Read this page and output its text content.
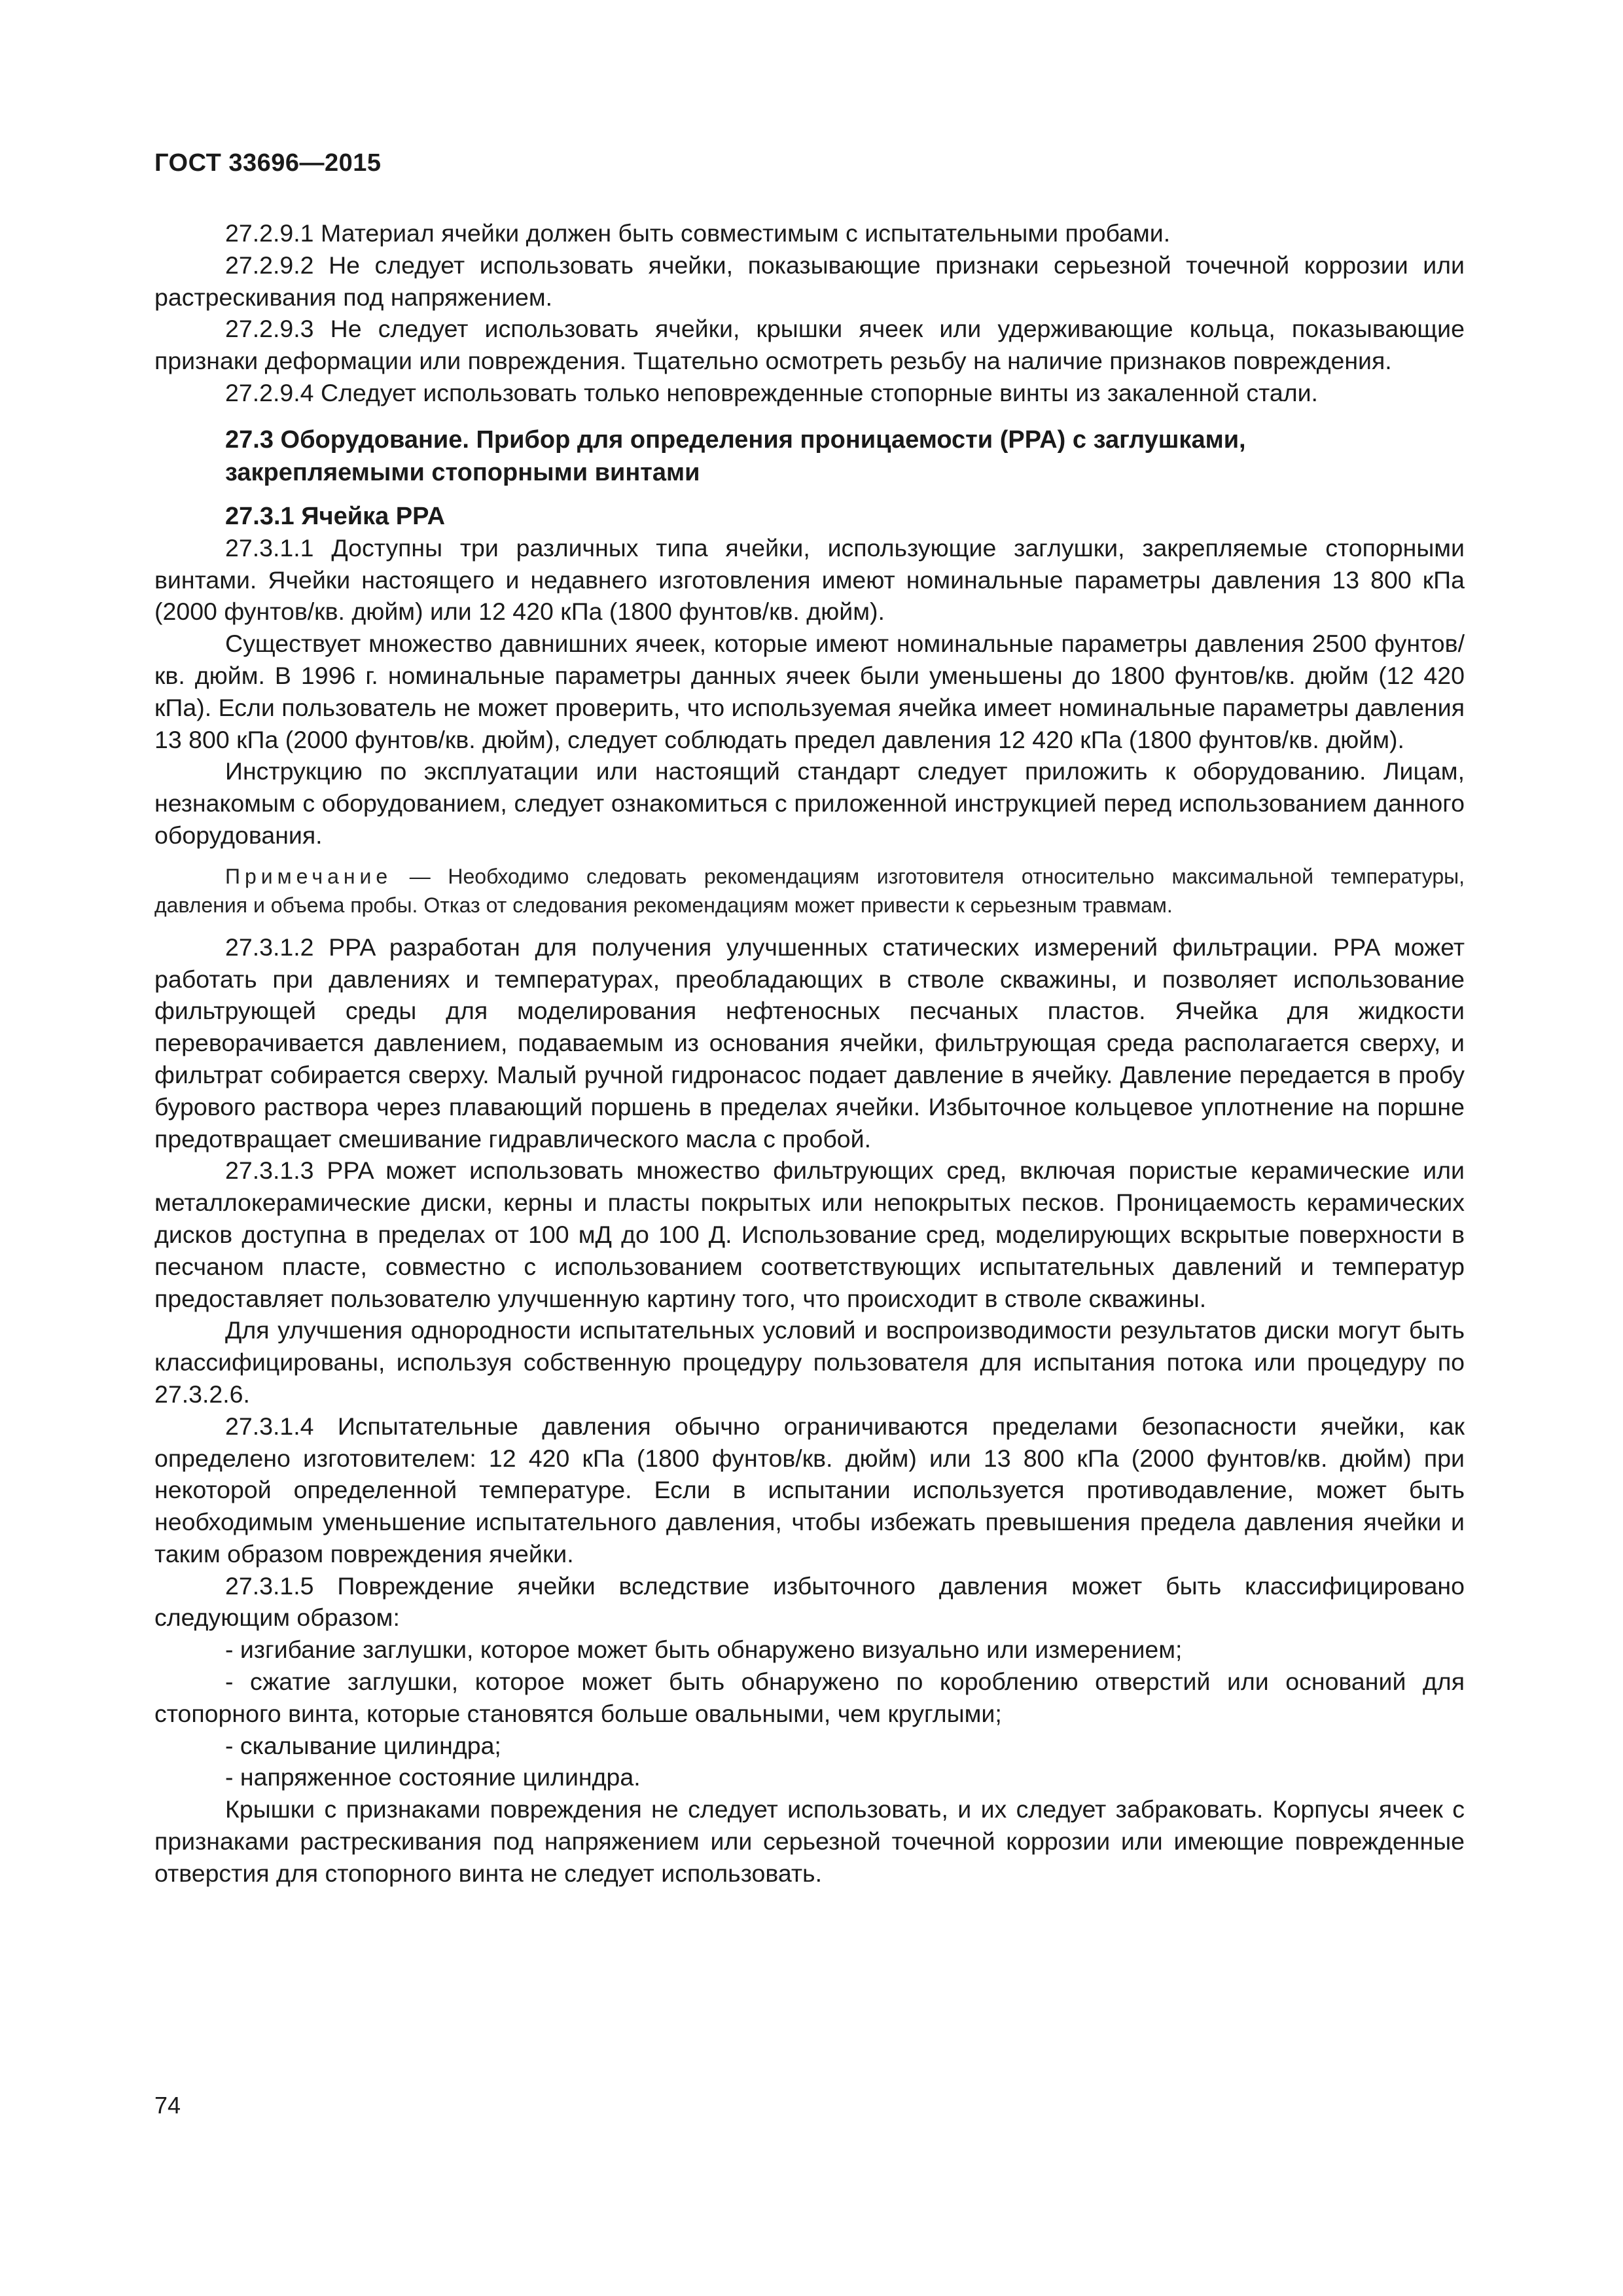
ГОСТ 33696—2015

27.2.9.1 Материал ячейки должен быть совместимым с испытательными пробами.

27.2.9.2 Не следует использовать ячейки, показывающие признаки серьезной точечной коррозии или растрескивания под напряжением.

27.2.9.3 Не следует использовать ячейки, крышки ячеек или удерживающие кольца, показывающие признаки деформации или повреждения. Тщательно осмотреть резьбу на наличие признаков повреждения.

27.2.9.4 Следует использовать только неповрежденные стопорные винты из закаленной стали.

27.3 Оборудование. Прибор для определения проницаемости (PPA) с заглушками,
закрепляемыми стопорными винтами
27.3.1 Ячейка PPA

27.3.1.1 Доступны три различных типа ячейки, использующие заглушки, закрепляемые стопорными винтами. Ячейки настоящего и недавнего изготовления имеют номинальные параметры давления 13 800 кПа (2000 фунтов/кв. дюйм) или 12 420 кПа (1800 фунтов/кв. дюйм).

Существует множество давнишних ячеек, которые имеют номинальные параметры давления 2500 фунтов/кв. дюйм. В 1996 г. номинальные параметры данных ячеек были уменьшены до 1800 фунтов/кв. дюйм (12 420 кПа). Если пользователь не может проверить, что используемая ячейка имеет номинальные параметры давления 13 800 кПа (2000 фунтов/кв. дюйм), следует соблюдать предел давления 12 420 кПа (1800 фунтов/кв. дюйм).

Инструкцию по эксплуатации или настоящий стандарт следует приложить к оборудованию. Лицам, незнакомым с оборудованием, следует ознакомиться с приложенной инструкцией перед использованием данного оборудования.

Примечание — Необходимо следовать рекомендациям изготовителя относительно максимальной температуры, давления и объема пробы. Отказ от следования рекомендациям может привести к серьезным травмам.

27.3.1.2 PPA разработан для получения улучшенных статических измерений фильтрации. PPA может работать при давлениях и температурах, преобладающих в стволе скважины, и позволяет использование фильтрующей среды для моделирования нефтеносных песчаных пластов. Ячейка для жидкости переворачивается давлением, подаваемым из основания ячейки, фильтрующая среда располагается сверху, и фильтрат собирается сверху. Малый ручной гидронасос подает давление в ячейку. Давление передается в пробу бурового раствора через плавающий поршень в пределах ячейки. Избыточное кольцевое уплотнение на поршне предотвращает смешивание гидравлического масла с пробой.

27.3.1.3 PPA может использовать множество фильтрующих сред, включая пористые керамические или металлокерамические диски, керны и пласты покрытых или непокрытых песков. Проницаемость керамических дисков доступна в пределах от 100 мД до 100 Д. Использование сред, моделирующих вскрытые поверхности в песчаном пласте, совместно с использованием соответствующих испытательных давлений и температур предоставляет пользователю улучшенную картину того, что происходит в стволе скважины.

Для улучшения однородности испытательных условий и воспроизводимости результатов диски могут быть классифицированы, используя собственную процедуру пользователя для испытания потока или процедуру по 27.3.2.6.

27.3.1.4 Испытательные давления обычно ограничиваются пределами безопасности ячейки, как определено изготовителем: 12 420 кПа (1800 фунтов/кв. дюйм) или 13 800 кПа (2000 фунтов/кв. дюйм) при некоторой определенной температуре. Если в испытании используется противодавление, может быть необходимым уменьшение испытательного давления, чтобы избежать превышения предела давления ячейки и таким образом повреждения ячейки.

27.3.1.5 Повреждение ячейки вследствие избыточного давления может быть классифицировано следующим образом:

- изгибание заглушки, которое может быть обнаружено визуально или измерением;

- сжатие заглушки, которое может быть обнаружено по короблению отверстий или оснований для стопорного винта, которые становятся больше овальными, чем круглыми;

- скалывание цилиндра;

- напряженное состояние цилиндра.

Крышки с признаками повреждения не следует использовать, и их следует забраковать. Корпусы ячеек с признаками растрескивания под напряжением или серьезной точечной коррозии или имеющие поврежденные отверстия для стопорного винта не следует использовать.

74
